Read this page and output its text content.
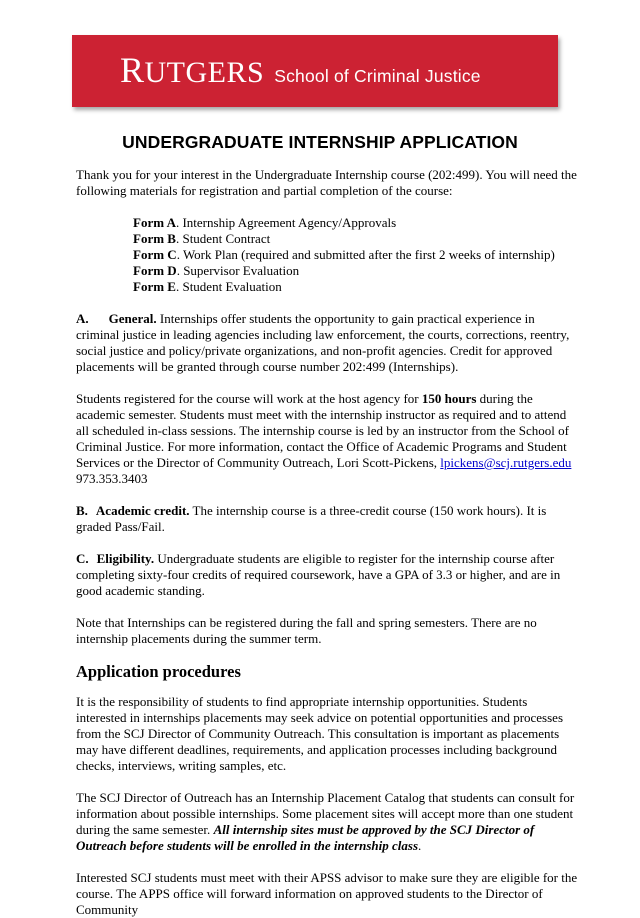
RUTGERS School of Criminal Justice
UNDERGRADUATE INTERNSHIP APPLICATION

Thank you for your interest in the Undergraduate Internship course (202:499). You will need the following materials for registration and partial completion of the course:

Form A. Internship Agreement Agency/Approvals
Form B. Student Contract
Form C. Work Plan (required and submitted after the first 2 weeks of internship)
Form D. Supervisor Evaluation
Form E. Student Evaluation

A. General. Internships offer students the opportunity to gain practical experience in criminal justice in leading agencies including law enforcement, the courts, corrections, reentry, social justice and policy/private organizations, and non-profit agencies. Credit for approved placements will be granted through course number 202:499 (Internships).

Students registered for the course will work at the host agency for 150 hours during the academic semester. Students must meet with the internship instructor as required and to attend all scheduled in-class sessions. The internship course is led by an instructor from the School of Criminal Justice. For more information, contact the Office of Academic Programs and Student Services or the Director of Community Outreach, Lori Scott-Pickens, lpickens@scj.rutgers.edu 973.353.3403

B. Academic credit. The internship course is a three-credit course (150 work hours). It is graded Pass/Fail.

C. Eligibility. Undergraduate students are eligible to register for the internship course after completing sixty-four credits of required coursework, have a GPA of 3.3 or higher, and are in good academic standing.

Note that Internships can be registered during the fall and spring semesters. There are no internship placements during the summer term.

Application procedures

It is the responsibility of students to find appropriate internship opportunities. Students interested in internships placements may seek advice on potential opportunities and processes from the SCJ Director of Community Outreach. This consultation is important as placements may have different deadlines, requirements, and application processes including background checks, interviews, writing samples, etc.

The SCJ Director of Outreach has an Internship Placement Catalog that students can consult for information about possible internships. Some placement sites will accept more than one student during the same semester. All internship sites must be approved by the SCJ Director of Outreach before students will be enrolled in the internship class.

Interested SCJ students must meet with their APSS advisor to make sure they are eligible for the course. The APPS office will forward information on approved students to the Director of Community
